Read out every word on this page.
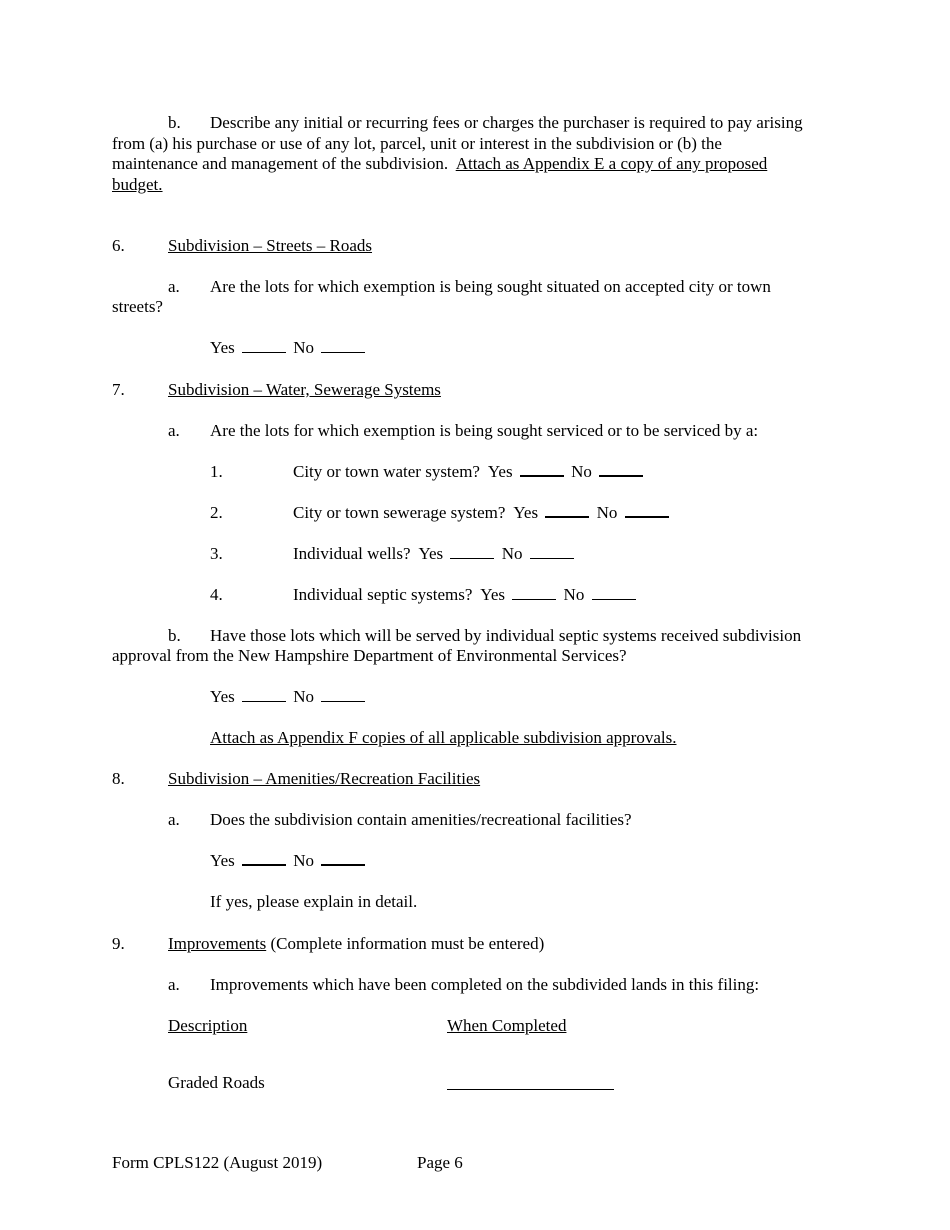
b. Describe any initial or recurring fees or charges the purchaser is required to pay arising
from (a) his purchase or use of any lot, parcel, unit or interest in the subdivision or (b) the
maintenance and management of the subdivision. Attach as Appendix E a copy of any proposed
budget.
6.	Subdivision – Streets – Roads
a. Are the lots for which exemption is being sought situated on accepted city or town
streets?
Yes	No
7.	Subdivision – Water, Sewerage Systems
a. Are the lots for which exemption is being sought serviced or to be serviced by a:
1.	City or town water system? Yes	No
2.	City or town sewerage system? Yes	No
3.	Individual wells? Yes	No
4.	Individual septic systems? Yes	No
b. Have those lots which will be served by individual septic systems received subdivision
approval from the New Hampshire Department of Environmental Services?
Yes	No
Attach as Appendix F copies of all applicable subdivision approvals.
8.	Subdivision – Amenities/Recreation Facilities
a. Does the subdivision contain amenities/recreational facilities?
Yes	No
If yes, please explain in detail.
9.	Improvements (Complete information must be entered)
a. Improvements which have been completed on the subdivided lands in this filing:
Description	When Completed
Graded Roads
Form CPLS122 (August 2019)	Page 6
